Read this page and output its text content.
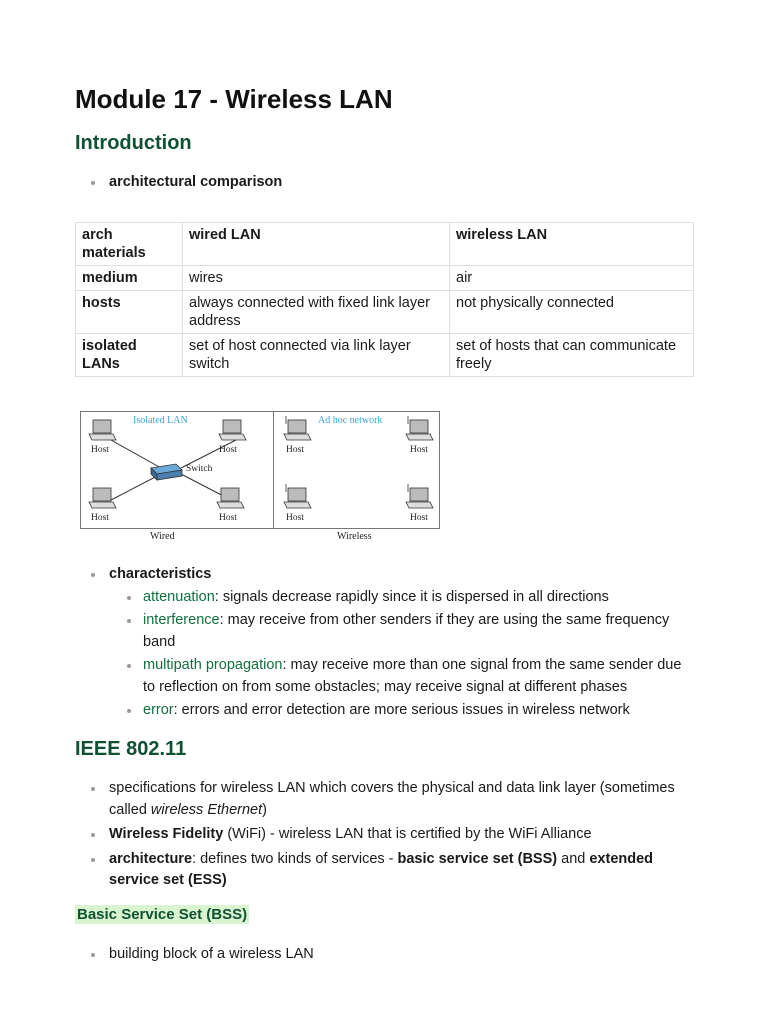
Module 17 - Wireless LAN
Introduction
architectural comparison
arch materials	wired LAN	wireless LAN
medium	wires	air
hosts	always connected with fixed link layer address	not physically connected
isolated LANs	set of host connected via link layer switch	set of hosts that can communicate freely
Isolated LAN
Host	Host
Switch
Host	Host
Wired
Ad hoc network
Host	Host
Host	Host
Wireless
characteristics
attenuation: signals decrease rapidly since it is dispersed in all directions
interference: may receive from other senders if they are using the same frequency band
multipath propagation: may receive more than one signal from the same sender due to reflection on from some obstacles; may receive signal at different phases
error: errors and error detection are more serious issues in wireless network
IEEE 802.11
specifications for wireless LAN which covers the physical and data link layer (sometimes called wireless Ethernet)
Wireless Fidelity (WiFi) - wireless LAN that is certified by the WiFi Alliance
architecture: defines two kinds of services - basic service set (BSS) and extended service set (ESS)
Basic Service Set (BSS)
building block of a wireless LAN
